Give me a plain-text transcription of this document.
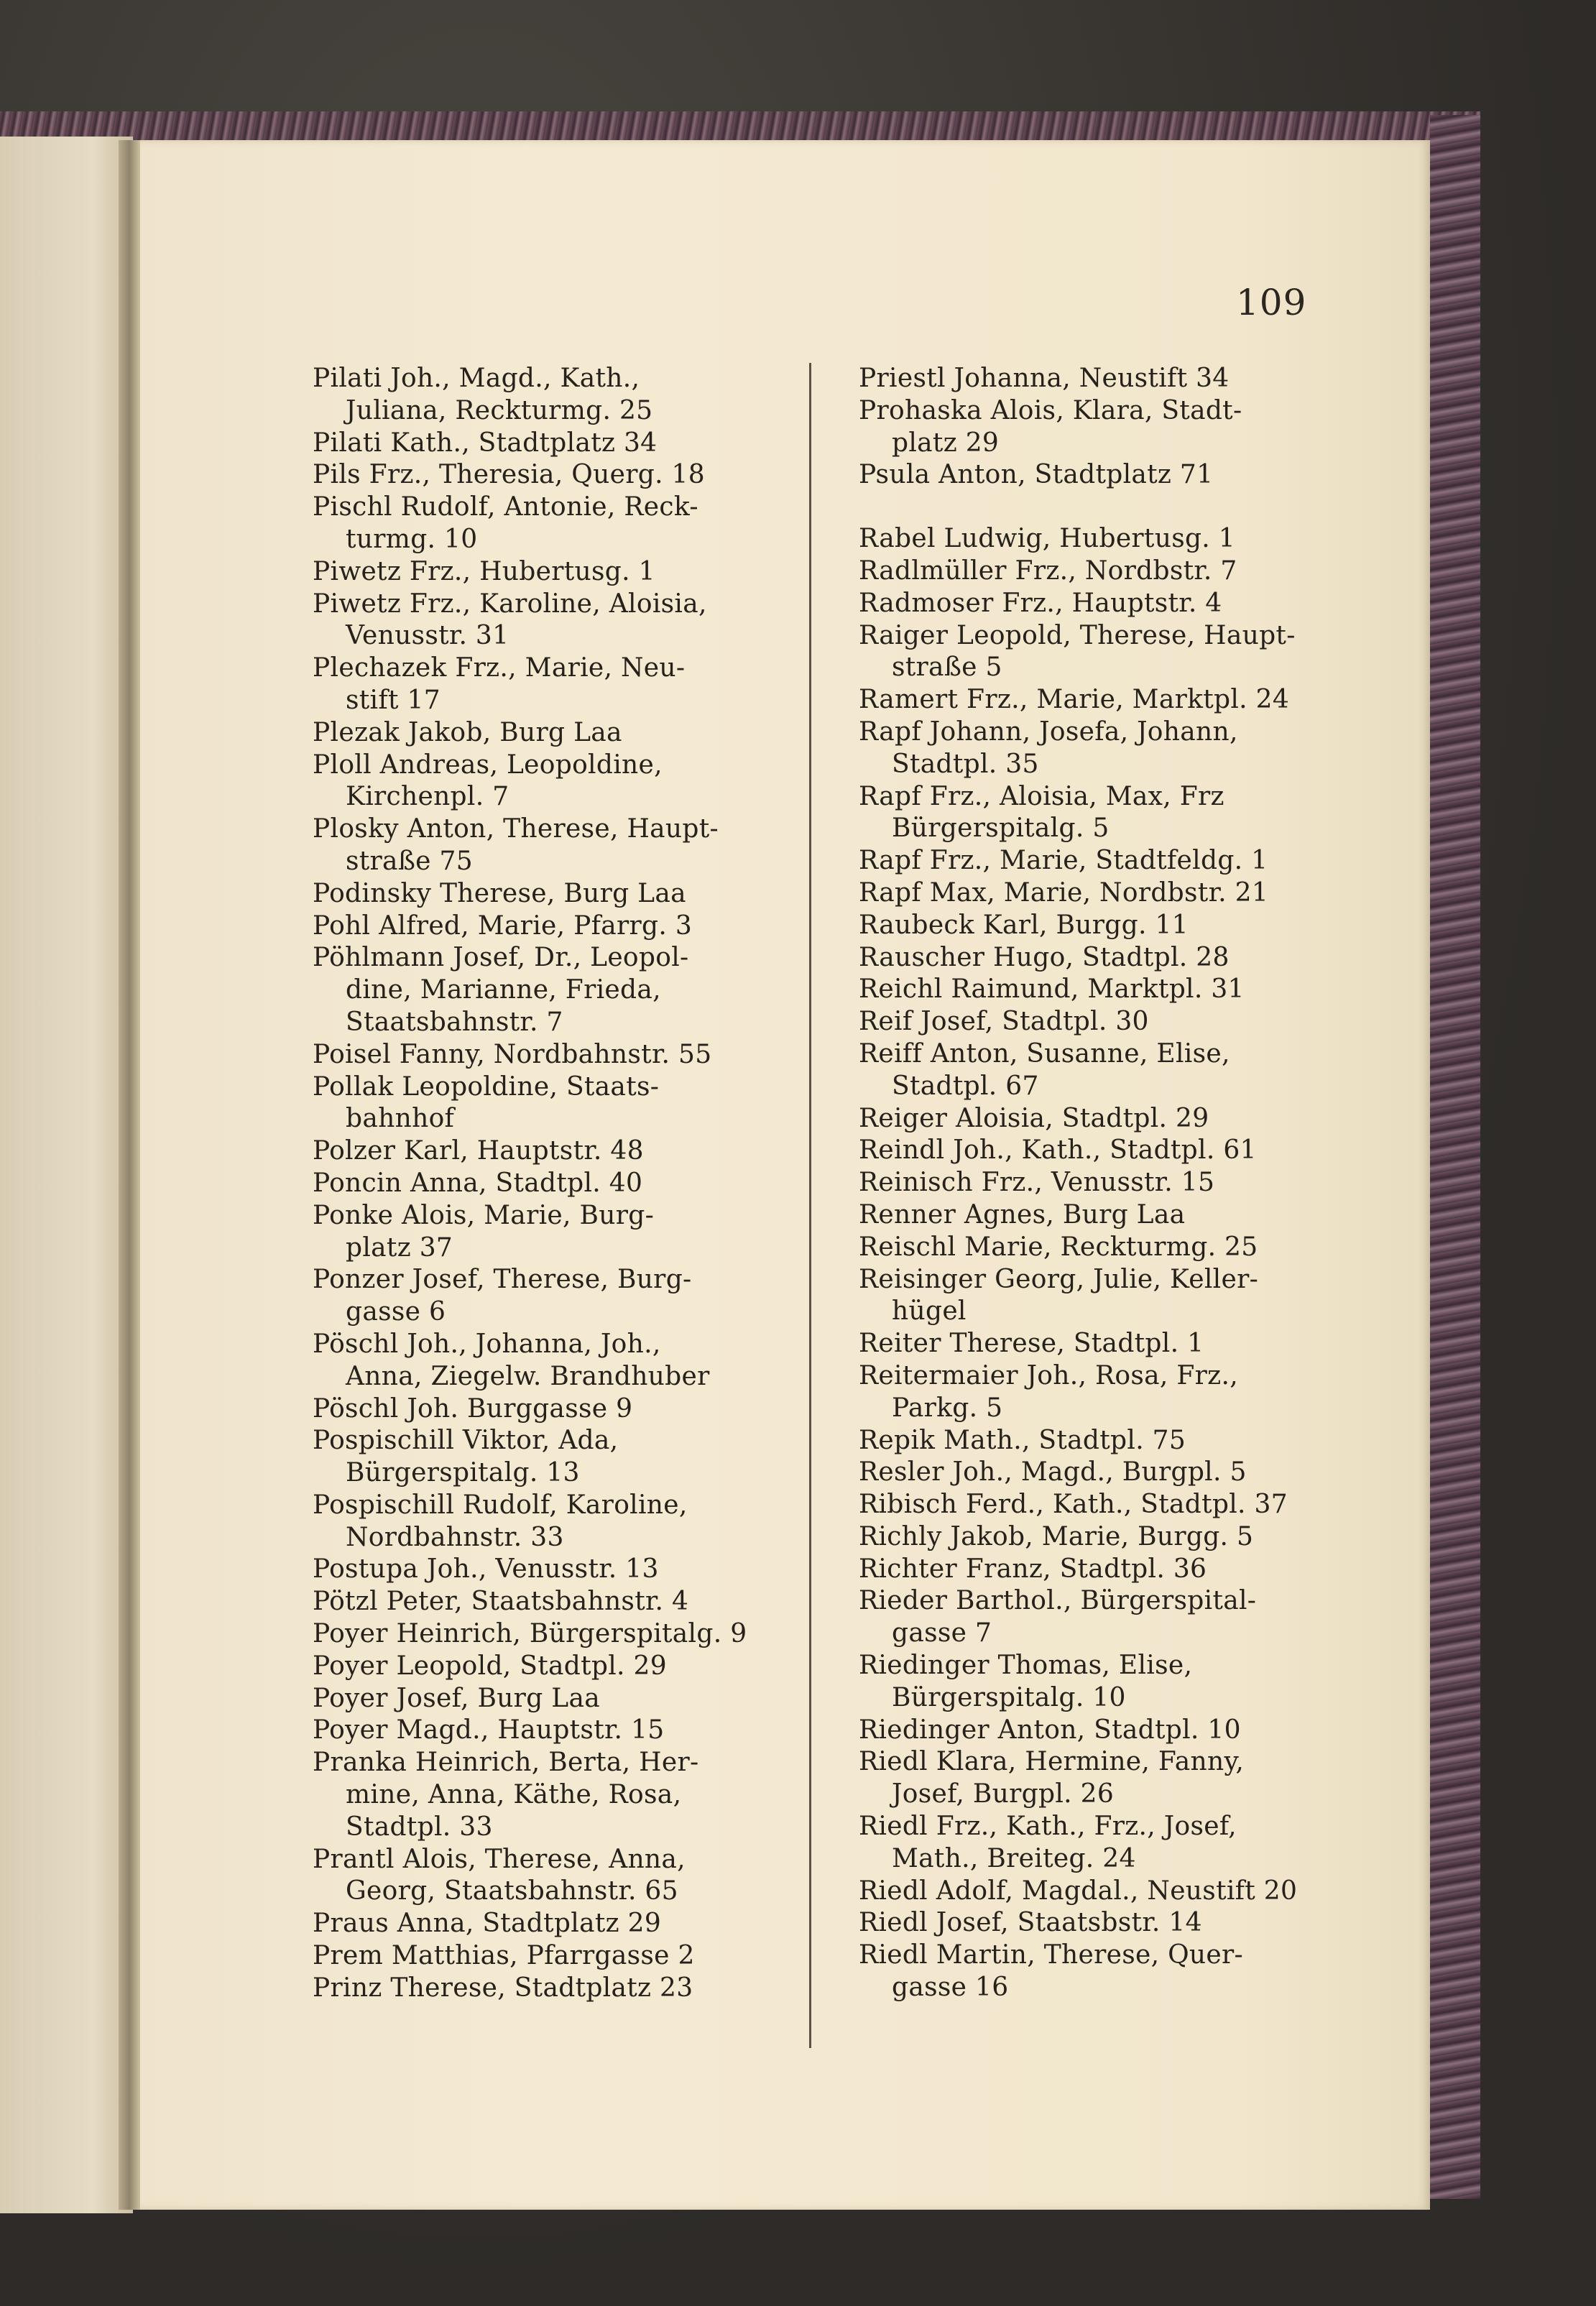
109
Pilati Joh., Magd., Kath.,
Juliana, Reckturmg. 25
Pilati Kath., Stadtplatz 34
Pils Frz., Theresia, Querg. 18
Pischl Rudolf, Antonie, Reck-
turmg. 10
Piwetz Frz., Hubertusg. 1
Piwetz Frz., Karoline, Aloisia,
Venusstr. 31
Plechazek Frz., Marie, Neu-
stift 17
Plezak Jakob, Burg Laa
Ploll Andreas, Leopoldine,
Kirchenpl. 7
Plosky Anton, Therese, Haupt-
straße 75
Podinsky Therese, Burg Laa
Pohl Alfred, Marie, Pfarrg. 3
Pöhlmann Josef, Dr., Leopol-
dine, Marianne, Frieda,
Staatsbahnstr. 7
Poisel Fanny, Nordbahnstr. 55
Pollak Leopoldine, Staats-
bahnhof
Polzer Karl, Hauptstr. 48
Poncin Anna, Stadtpl. 40
Ponke Alois, Marie, Burg-
platz 37
Ponzer Josef, Therese, Burg-
gasse 6
Pöschl Joh., Johanna, Joh.,
Anna, Ziegelw. Brandhuber
Pöschl Joh. Burggasse 9
Pospischill Viktor, Ada,
Bürgerspitalg. 13
Pospischill Rudolf, Karoline,
Nordbahnstr. 33
Postupa Joh., Venusstr. 13
Pötzl Peter, Staatsbahnstr. 4
Poyer Heinrich, Bürgerspitalg. 9
Poyer Leopold, Stadtpl. 29
Poyer Josef, Burg Laa
Poyer Magd., Hauptstr. 15
Pranka Heinrich, Berta, Her-
mine, Anna, Käthe, Rosa,
Stadtpl. 33
Prantl Alois, Therese, Anna,
Georg, Staatsbahnstr. 65
Praus Anna, Stadtplatz 29
Prem Matthias, Pfarrgasse 2
Prinz Therese, Stadtplatz 23
Priestl Johanna, Neustift 34
Prohaska Alois, Klara, Stadt-
platz 29
Psula Anton, Stadtplatz 71
Rabel Ludwig, Hubertusg. 1
Radlmüller Frz., Nordbstr. 7
Radmoser Frz., Hauptstr. 4
Raiger Leopold, Therese, Haupt-
straße 5
Ramert Frz., Marie, Marktpl. 24
Rapf Johann, Josefa, Johann,
Stadtpl. 35
Rapf Frz., Aloisia, Max, Frz
Bürgerspitalg. 5
Rapf Frz., Marie, Stadtfeldg. 1
Rapf Max, Marie, Nordbstr. 21
Raubeck Karl, Burgg. 11
Rauscher Hugo, Stadtpl. 28
Reichl Raimund, Marktpl. 31
Reif Josef, Stadtpl. 30
Reiff Anton, Susanne, Elise,
Stadtpl. 67
Reiger Aloisia, Stadtpl. 29
Reindl Joh., Kath., Stadtpl. 61
Reinisch Frz., Venusstr. 15
Renner Agnes, Burg Laa
Reischl Marie, Reckturmg. 25
Reisinger Georg, Julie, Keller-
hügel
Reiter Therese, Stadtpl. 1
Reitermaier Joh., Rosa, Frz.,
Parkg. 5
Repik Math., Stadtpl. 75
Resler Joh., Magd., Burgpl. 5
Ribisch Ferd., Kath., Stadtpl. 37
Richly Jakob, Marie, Burgg. 5
Richter Franz, Stadtpl. 36
Rieder Barthol., Bürgerspital-
gasse 7
Riedinger Thomas, Elise,
Bürgerspitalg. 10
Riedinger Anton, Stadtpl. 10
Riedl Klara, Hermine, Fanny,
Josef, Burgpl. 26
Riedl Frz., Kath., Frz., Josef,
Math., Breiteg. 24
Riedl Adolf, Magdal., Neustift 20
Riedl Josef, Staatsbstr. 14
Riedl Martin, Therese, Quer-
gasse 16
